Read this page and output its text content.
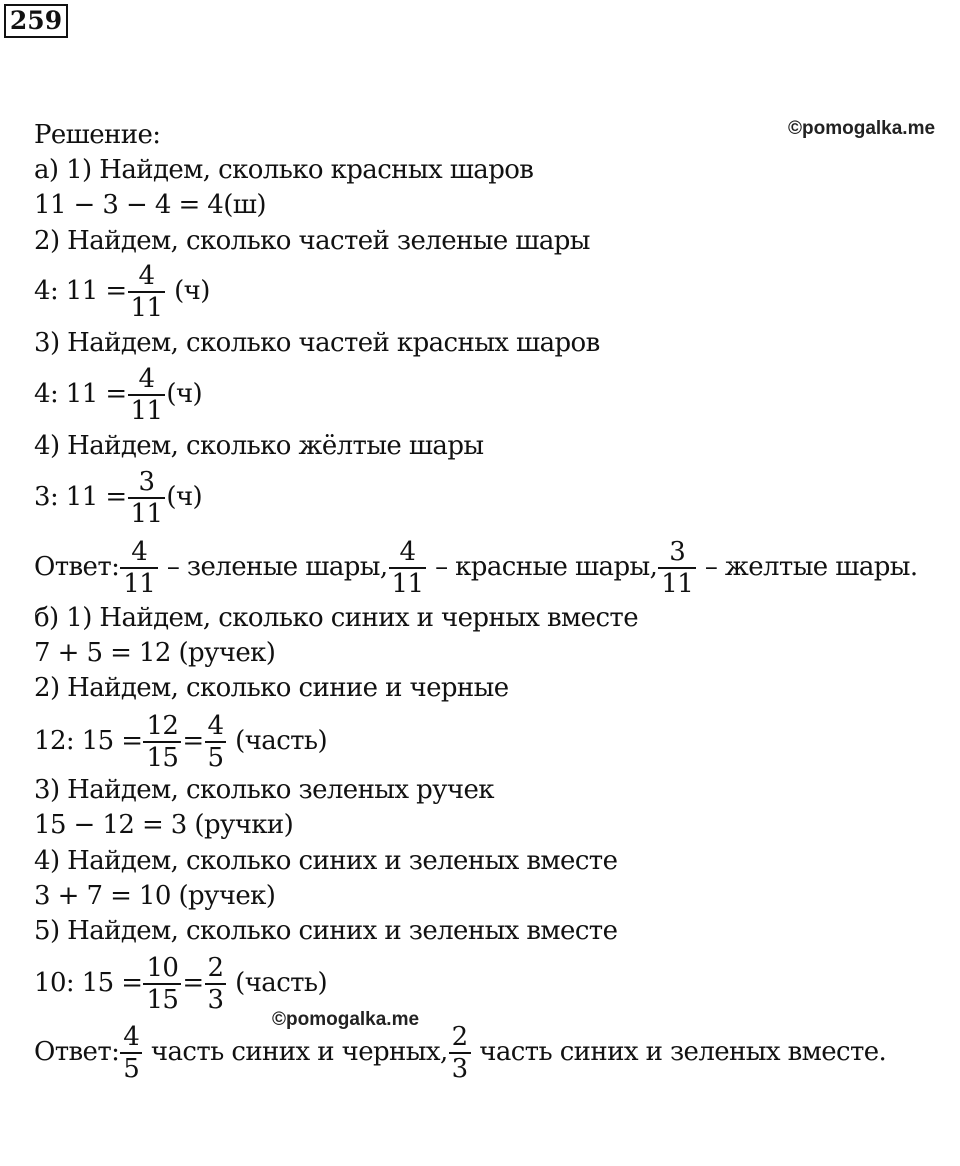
259
©pomogalka.me
©pomogalka.me
Решение:
а) 1) Найдем, сколько красных шаров
11 − 3 − 4 = 4(ш)
2) Найдем, сколько частей зеленые шары
4: $11 = \frac{4}{11} (ч)$
3) Найдем, сколько частей красных шаров
4: $11 = \frac{4}{11} (ч)$
4) Найдем, сколько жёлтые шары
3: $11 = \frac{3}{11} (ч)$
Ответ: $\frac{4}{11}$ – зеленые шары, $\frac{4}{11}$ – красные шары, $\frac{3}{11}$ – желтые шары.
б) 1) Найдем, сколько синих и черных вместе
7 + 5 = 12 (ручек)
2) Найдем, сколько синие и черные
12: $15 = \frac{12}{15} = \frac{4}{5}$ (часть)
3) Найдем, сколько зеленых ручек
15 − 12 = 3 (ручки)
4) Найдем, сколько синих и зеленых вместе
3 + 7 = 10 (ручек)
5) Найдем, сколько синих и зеленых вместе
10: $15 = \frac{10}{15} = \frac{2}{3}$ (часть)
Ответ: $\frac{4}{5}$ часть синих и черных, $\frac{2}{3}$ часть синих и зеленых вместе.
